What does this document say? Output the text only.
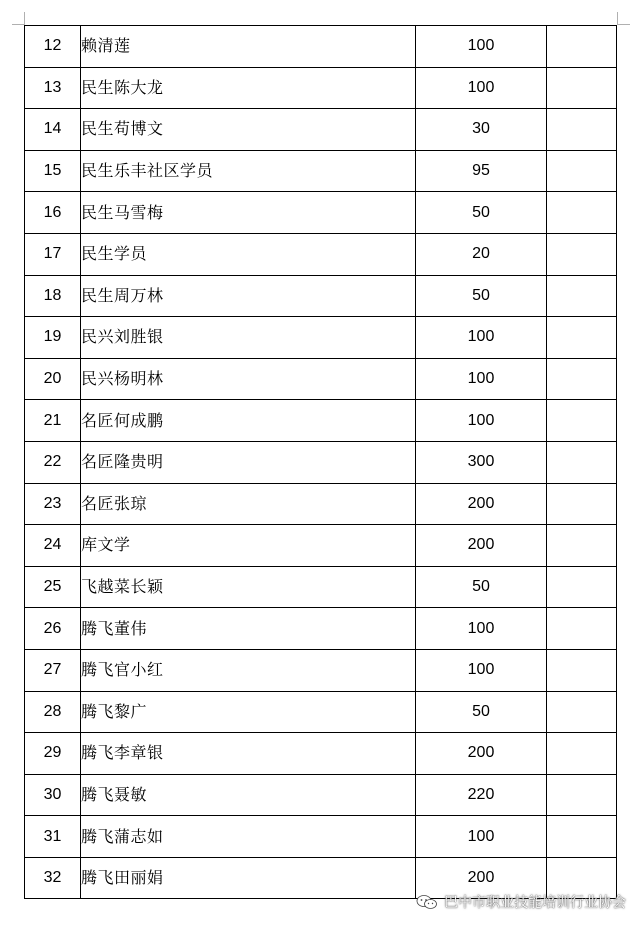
12	赖清莲	100	
13	民生陈大龙	100	
14	民生苟博文	30	
15	民生乐丰社区学员	95	
16	民生马雪梅	50	
17	民生学员	20	
18	民生周万林	50	
19	民兴刘胜银	100	
20	民兴杨明林	100	
21	名匠何成鹏	100	
22	名匠隆贵明	300	
23	名匠张琼	200	
24	库文学	200	
25	飞越菜长颖	50	
26	腾飞董伟	100	
27	腾飞官小红	100	
28	腾飞黎广	50	
29	腾飞李章银	200	
30	腾飞聂敏	220	
31	腾飞蒲志如	100	
32	腾飞田丽娟	200	
巴中市职业技能培训行业协会
